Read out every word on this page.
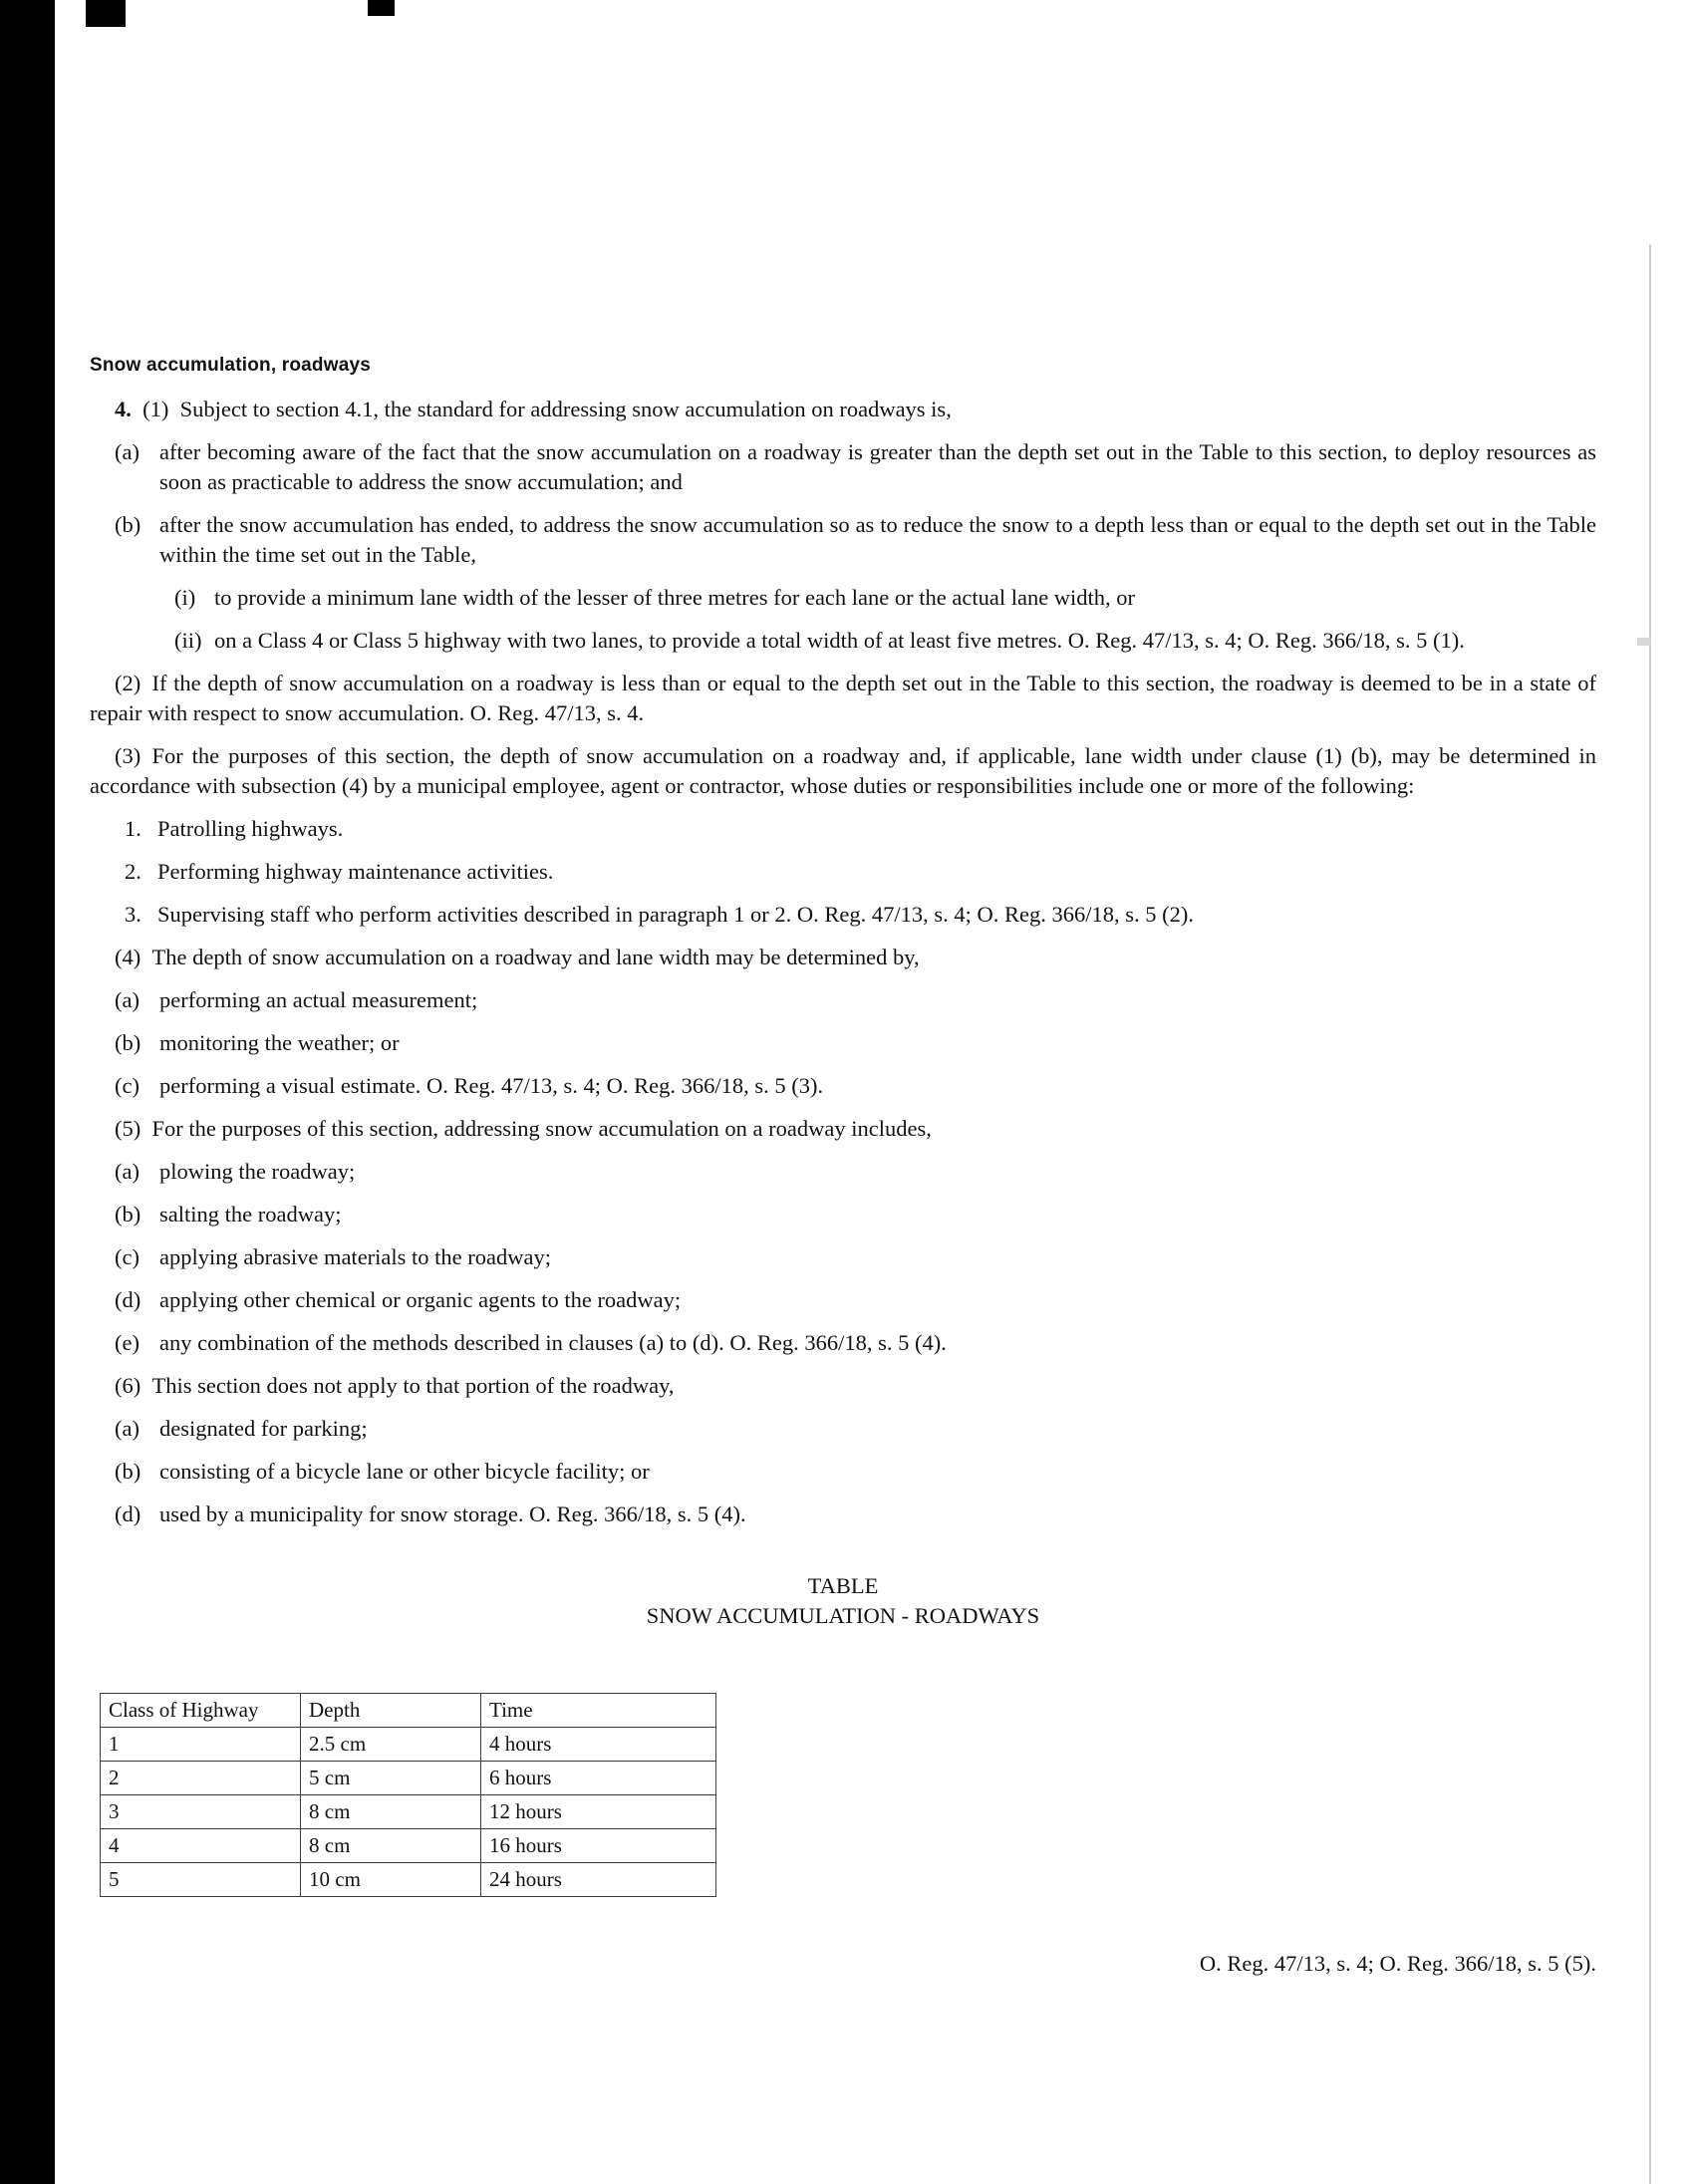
Snow accumulation, roadways
4. (1) Subject to section 4.1, the standard for addressing snow accumulation on roadways is,
(a) after becoming aware of the fact that the snow accumulation on a roadway is greater than the depth set out in the Table to this section, to deploy resources as soon as practicable to address the snow accumulation; and
(b) after the snow accumulation has ended, to address the snow accumulation so as to reduce the snow to a depth less than or equal to the depth set out in the Table within the time set out in the Table,
(i) to provide a minimum lane width of the lesser of three metres for each lane or the actual lane width, or
(ii) on a Class 4 or Class 5 highway with two lanes, to provide a total width of at least five metres. O. Reg. 47/13, s. 4; O. Reg. 366/18, s. 5 (1).
(2) If the depth of snow accumulation on a roadway is less than or equal to the depth set out in the Table to this section, the roadway is deemed to be in a state of repair with respect to snow accumulation. O. Reg. 47/13, s. 4.
(3) For the purposes of this section, the depth of snow accumulation on a roadway and, if applicable, lane width under clause (1) (b), may be determined in accordance with subsection (4) by a municipal employee, agent or contractor, whose duties or responsibilities include one or more of the following:
1. Patrolling highways.
2. Performing highway maintenance activities.
3. Supervising staff who perform activities described in paragraph 1 or 2. O. Reg. 47/13, s. 4; O. Reg. 366/18, s. 5 (2).
(4) The depth of snow accumulation on a roadway and lane width may be determined by,
(a) performing an actual measurement;
(b) monitoring the weather; or
(c) performing a visual estimate. O. Reg. 47/13, s. 4; O. Reg. 366/18, s. 5 (3).
(5) For the purposes of this section, addressing snow accumulation on a roadway includes,
(a) plowing the roadway;
(b) salting the roadway;
(c) applying abrasive materials to the roadway;
(d) applying other chemical or organic agents to the roadway;
(e) any combination of the methods described in clauses (a) to (d). O. Reg. 366/18, s. 5 (4).
(6) This section does not apply to that portion of the roadway,
(a) designated for parking;
(b) consisting of a bicycle lane or other bicycle facility; or
(d) used by a municipality for snow storage. O. Reg. 366/18, s. 5 (4).
TABLE
SNOW ACCUMULATION - ROADWAYS
Class of Highway	Depth	Time
1	2.5 cm	4 hours
2	5 cm	6 hours
3	8 cm	12 hours
4	8 cm	16 hours
5	10 cm	24 hours
O. Reg. 47/13, s. 4; O. Reg. 366/18, s. 5 (5).
